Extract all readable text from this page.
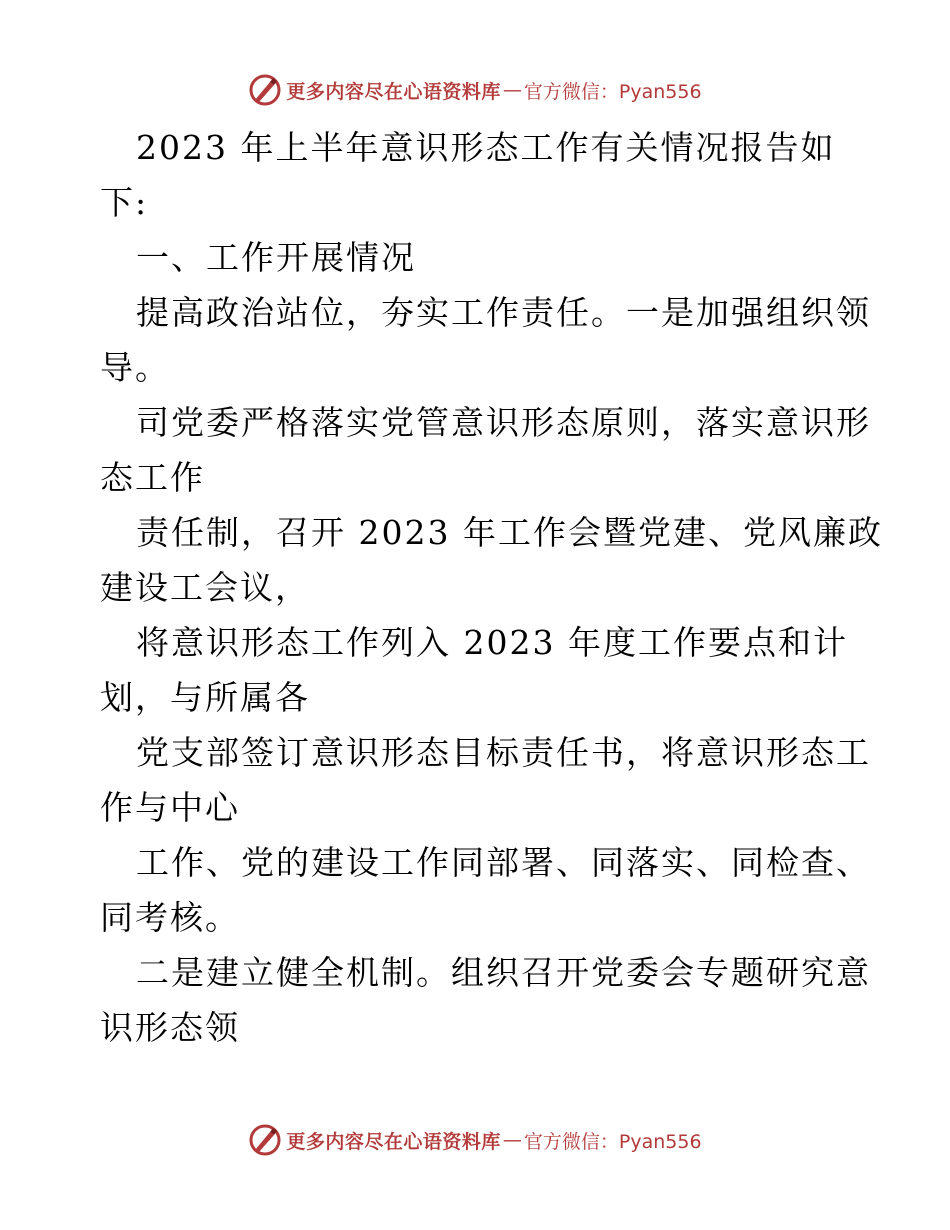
更多内容尽在心语资料库 — 官方微信：Pyan556
2023 年上半年意识形态工作有关情况报告如
下:
一、工作开展情况
提高政治站位，夯实工作责任。一是加强组织领
导。
司党委严格落实党管意识形态原则，落实意识形
态工作
责任制，召开 2023 年工作会暨党建、党风廉政
建设工会议，
将意识形态工作列入 2023 年度工作要点和计
划，与所属各
党支部签订意识形态目标责任书，将意识形态工
作与中心
工作、党的建设工作同部署、同落实、同检查、
同考核。
二是建立健全机制。组织召开党委会专题研究意
识形态领
更多内容尽在心语资料库 — 官方微信：Pyan556
